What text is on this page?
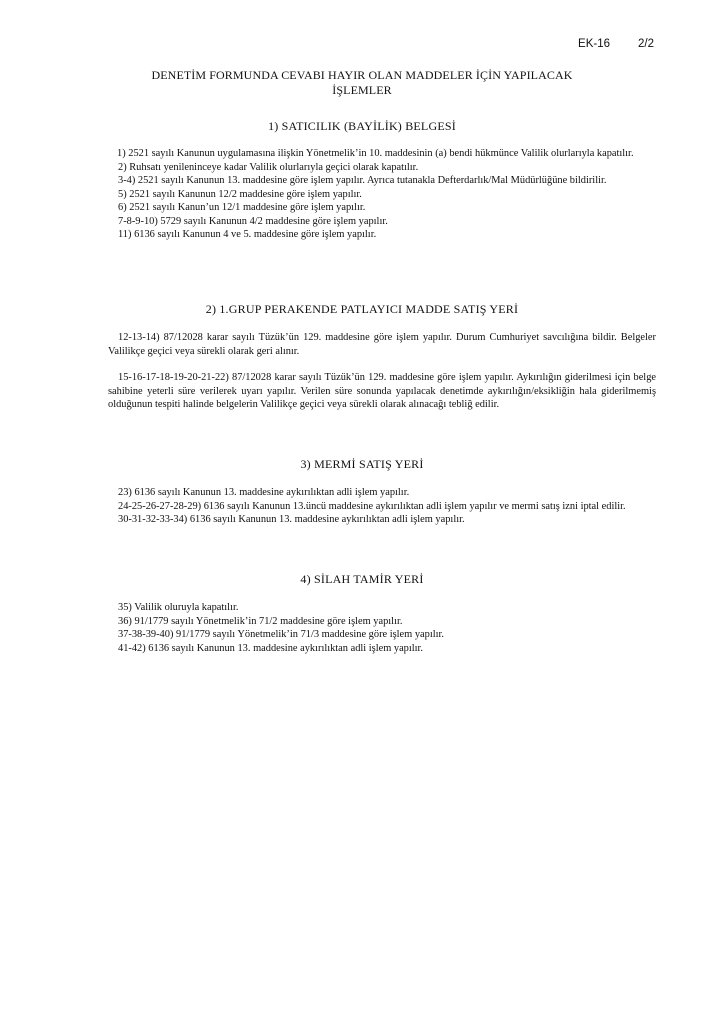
EK-16 2/2
DENETİM FORMUNDA CEVABI HAYIR OLAN MADDELER İÇİN YAPILACAK İŞLEMLER
1) SATICILIK (BAYİLİK) BELGESİ

1) 2521 sayılı Kanunun uygulamasına ilişkin Yönetmelik’in 10. maddesinin (a) bendi hükmünce Valilik olurlarıyla kapatılır.

2) Ruhsatı yenileninceye kadar Valilik olurlarıyla geçici olarak kapatılır.

3-4) 2521 sayılı Kanunun 13. maddesine göre işlem yapılır. Ayrıca tutanakla Defterdarlık/Mal Müdürlüğüne bildirilir.

5) 2521 sayılı Kanunun 12/2 maddesine göre işlem yapılır.

6) 2521 sayılı Kanun’un 12/1 maddesine göre işlem yapılır.

7-8-9-10) 5729 sayılı Kanunun 4/2 maddesine göre işlem yapılır.

11) 6136 sayılı Kanunun 4 ve 5. maddesine göre işlem yapılır.

2) 1.GRUP PERAKENDE PATLAYICI MADDE SATIŞ YERİ

12-13-14) 87/12028 karar sayılı Tüzük’ün 129. maddesine göre işlem yapılır. Durum Cumhuriyet savcılığına bildir. Belgeler Valilikçe geçici veya sürekli olarak geri alınır.

15-16-17-18-19-20-21-22) 87/12028 karar sayılı Tüzük’ün 129. maddesine göre işlem yapılır. Aykırılığın giderilmesi için belge sahibine yeterli süre verilerek uyarı yapılır. Verilen süre sonunda yapılacak denetimde aykırılığın/eksikliğin hala giderilmemiş olduğunun tespiti halinde belgelerin Valilikçe geçici veya sürekli olarak alınacağı tebliğ edilir.

3) MERMİ SATIŞ YERİ

23) 6136 sayılı Kanunun 13. maddesine aykırılıktan adli işlem yapılır.

24-25-26-27-28-29) 6136 sayılı Kanunun 13.üncü maddesine aykırılıktan adli işlem yapılır ve mermi satış izni iptal edilir.

30-31-32-33-34) 6136 sayılı Kanunun 13. maddesine aykırılıktan adli işlem yapılır.

4) SİLAH TAMİR YERİ

35) Valilik oluruyla kapatılır.

36) 91/1779 sayılı Yönetmelik’in 71/2 maddesine göre işlem yapılır.

37-38-39-40) 91/1779 sayılı Yönetmelik’in 71/3 maddesine göre işlem yapılır.

41-42) 6136 sayılı Kanunun 13. maddesine aykırılıktan adli işlem yapılır.
